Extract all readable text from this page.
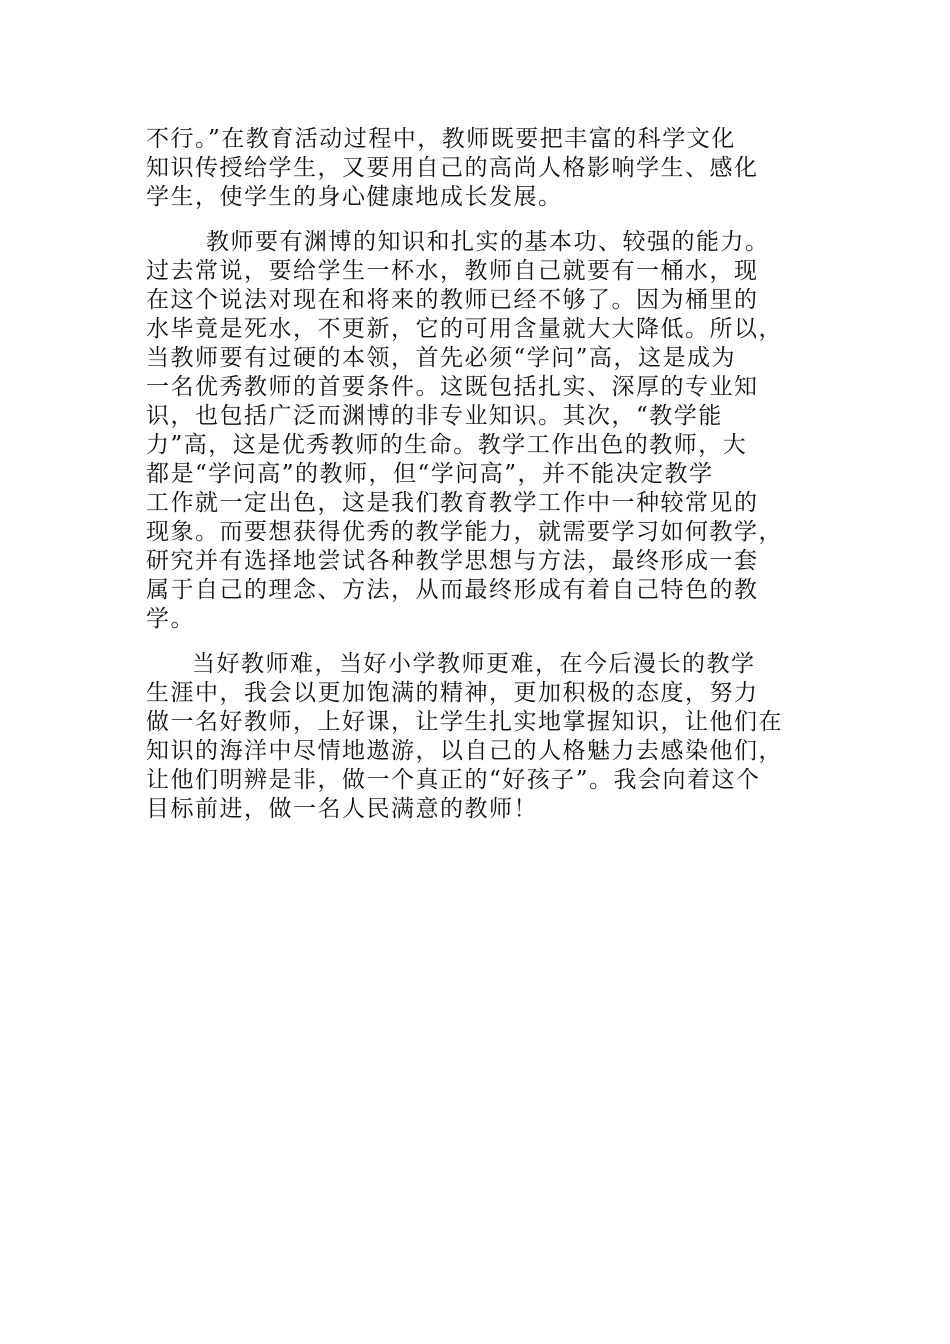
不行。”在教育活动过程中，教师既要把丰富的科学文化
知识传授给学生，又要用自己的高尚人格影响学生、感化
学生，使学生的身心健康地成长发展。
教师要有渊博的知识和扎实的基本功、较强的能力。
过去常说，要给学生一杯水，教师自己就要有一桶水，现
在这个说法对现在和将来的教师已经不够了。因为桶里的
水毕竟是死水，不更新，它的可用含量就大大降低。所以，
当教师要有过硬的本领，首先必须“学问”高，这是成为
一名优秀教师的首要条件。这既包括扎实、深厚的专业知
识，也包括广泛而渊博的非专业知识。其次，“教学能
力”高，这是优秀教师的生命。教学工作出色的教师，大
都是“学问高”的教师，但“学问高”，并不能决定教学
工作就一定出色，这是我们教育教学工作中一种较常见的
现象。而要想获得优秀的教学能力，就需要学习如何教学，
研究并有选择地尝试各种教学思想与方法，最终形成一套
属于自己的理念、方法，从而最终形成有着自己特色的教
学。
当好教师难，当好小学教师更难，在今后漫长的教学
生涯中，我会以更加饱满的精神，更加积极的态度，努力
做一名好教师，上好课，让学生扎实地掌握知识，让他们在
知识的海洋中尽情地遨游，以自己的人格魅力去感染他们，
让他们明辨是非，做一个真正的“好孩子”。我会向着这个
目标前进，做一名人民满意的教师！
